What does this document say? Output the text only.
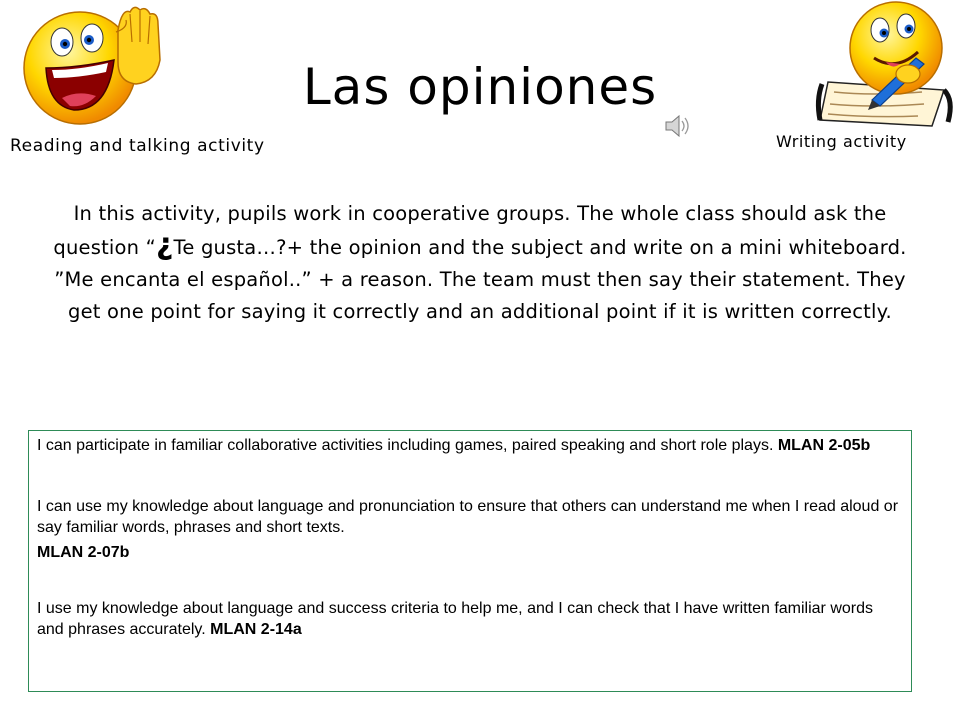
Las opiniones
Reading and talking activity	Writing activity

In this activity, pupils work in cooperative groups. The whole class should ask the question “¿Te gusta…?+ the opinion and the subject and write on a mini whiteboard. ”Me encanta el español..” + a reason. The team must then say their statement. They get one point for saying it correctly and an additional point if it is written correctly.

I can participate in familiar collaborative activities including games, paired speaking and short role plays. MLAN 2-05b

I can use my knowledge about language and pronunciation to ensure that others can understand me when I read aloud or say familiar words, phrases and short texts.

MLAN 2-07b

I use my knowledge about language and success criteria to help me, and I can check that I have written familiar words and phrases accurately. MLAN 2-14a
